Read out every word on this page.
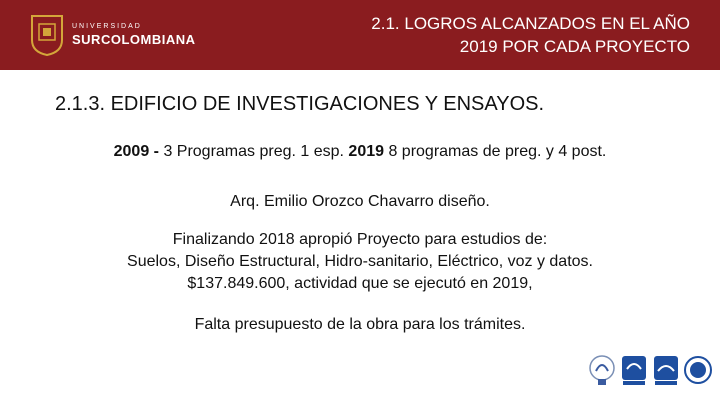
UNIVERSIDAD
SURCOLOMBIANA
2.1. LOGROS ALCANZADOS EN EL AÑO
2019 POR CADA PROYECTO
2.1.3. EDIFICIO DE INVESTIGACIONES Y ENSAYOS.
2009 - 3 Programas preg. 1 esp. 2019 8 programas de preg. y 4 post.
Arq. Emilio Orozco Chavarro diseño.
Finalizando 2018 apropió Proyecto para estudios de:
Suelos, Diseño Estructural, Hidro-sanitario, Eléctrico, voz y datos.
$137.849.600, actividad que se ejecutó en 2019,
Falta presupuesto de la obra para los trámites.
